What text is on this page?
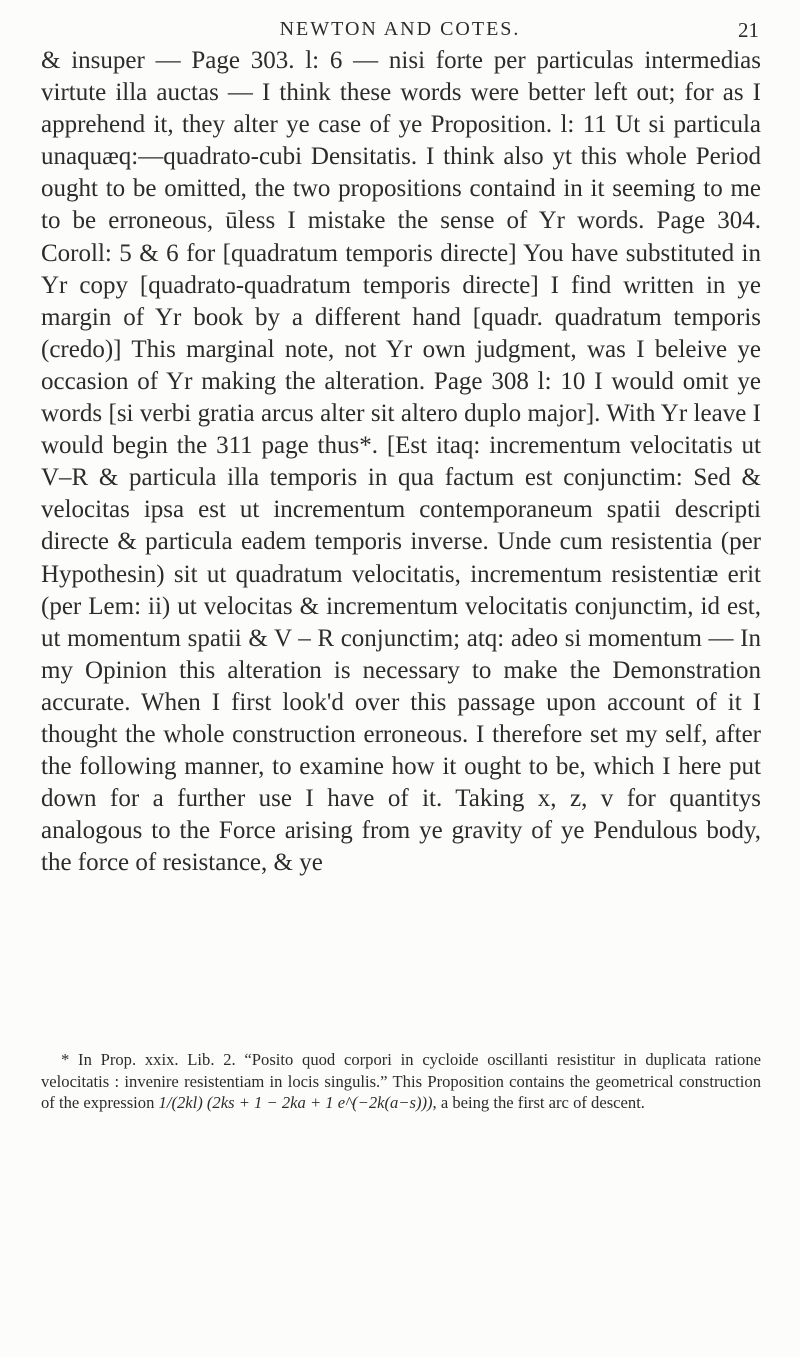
NEWTON AND COTES.	21

& insuper — Page 303. l: 6 — nisi forte per particulas intermedias virtute illa auctas — I think these words were better left out; for as I apprehend it, they alter ye case of ye Proposition. l: 11 Ut si particula unaquæq:—quadrato-cubi Densitatis. I think also yt this whole Period ought to be omitted, the two propositions containd in it seeming to me to be erroneous, ūless I mistake the sense of Yr words. Page 304. Coroll: 5 & 6 for [quadratum temporis directe] You have substituted in Yr copy [quadrato-quadratum temporis directe] I find written in ye margin of Yr book by a different hand [quadr. quadratum temporis (credo)] This marginal note, not Yr own judgment, was I beleive ye occasion of Yr making the alteration. Page 308 l: 10 I would omit ye words [si verbi gratia arcus alter sit altero duplo major]. With Yr leave I would begin the 311 page thus*. [Est itaq: incrementum velocitatis ut V–R & particula illa temporis in qua factum est conjunctim: Sed & velocitas ipsa est ut incrementum contemporaneum spatii descripti directe & particula eadem temporis inverse. Unde cum resistentia (per Hypothesin) sit ut quadratum velocitatis, incrementum resistentiæ erit (per Lem: ii) ut velocitas & incrementum velocitatis conjunctim, id est, ut momentum spatii & V – R conjunctim; atq: adeo si momentum — In my Opinion this alteration is necessary to make the Demonstration accurate. When I first look'd over this passage upon account of it I thought the whole construction erroneous. I therefore set my self, after the following manner, to examine how it ought to be, which I here put down for a further use I have of it. Taking x, z, v for quantitys analogous to the Force arising from ye gravity of ye Pendulous body, the force of resistance, & ye

* In Prop. xxix. Lib. 2. “Posito quod corpori in cycloide oscillanti resistitur in duplicata ratione velocitatis : invenire resistentiam in locis singulis.” This Proposition contains the geometrical construction of the expression 1/(2kl) (2ks + 1 − 2ka + 1 e^(−2k(a−s))), a being the first arc of descent.
